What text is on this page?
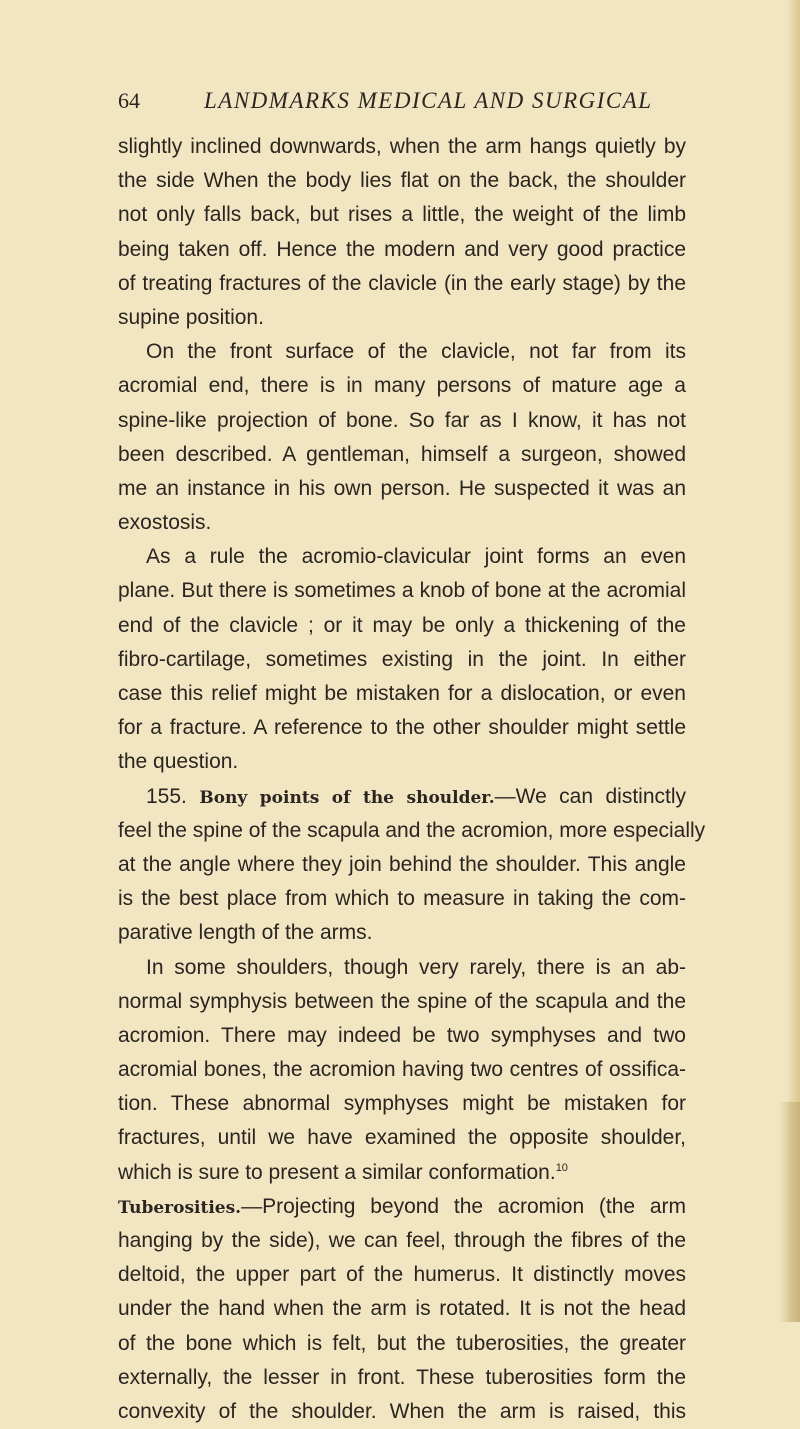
64	LANDMARKS MEDICAL AND SURGICAL
slightly inclined downwards, when the arm hangs quietly by
the side When the body lies flat on the back, the shoulder
not only falls back, but rises a little, the weight of the limb
being taken off. Hence the modern and very good practice
of treating fractures of the clavicle (in the early stage) by the
supine position.
On the front surface of the clavicle, not far from its
acromial end, there is in many persons of mature age a
spine-like projection of bone. So far as I know, it has not
been described. A gentleman, himself a surgeon, showed
me an instance in his own person. He suspected it was an
exostosis.
As a rule the acromio-clavicular joint forms an even
plane. But there is sometimes a knob of bone at the acromial
end of the clavicle ; or it may be only a thickening of the
fibro-cartilage, sometimes existing in the joint. In either
case this relief might be mistaken for a dislocation, or even
for a fracture. A reference to the other shoulder might settle
the question.
155. Bony points of the shoulder.—We can distinctly
feel the spine of the scapula and the acromion, more especially
at the angle where they join behind the shoulder. This angle
is the best place from which to measure in taking the com-
parative length of the arms.
In some shoulders, though very rarely, there is an ab-
normal symphysis between the spine of the scapula and the
acromion. There may indeed be two symphyses and two
acromial bones, the acromion having two centres of ossifica-
tion. These abnormal symphyses might be mistaken for
fractures, until we have examined the opposite shoulder,
which is sure to present a similar conformation.$^{10}$
Tuberosities.—Projecting beyond the acromion (the arm
hanging by the side), we can feel, through the fibres of the
deltoid, the upper part of the humerus. It distinctly moves
under the hand when the arm is rotated. It is not the head
of the bone which is felt, but the tuberosities, the greater
externally, the lesser in front. These tuberosities form the
convexity of the shoulder. When the arm is raised, this
